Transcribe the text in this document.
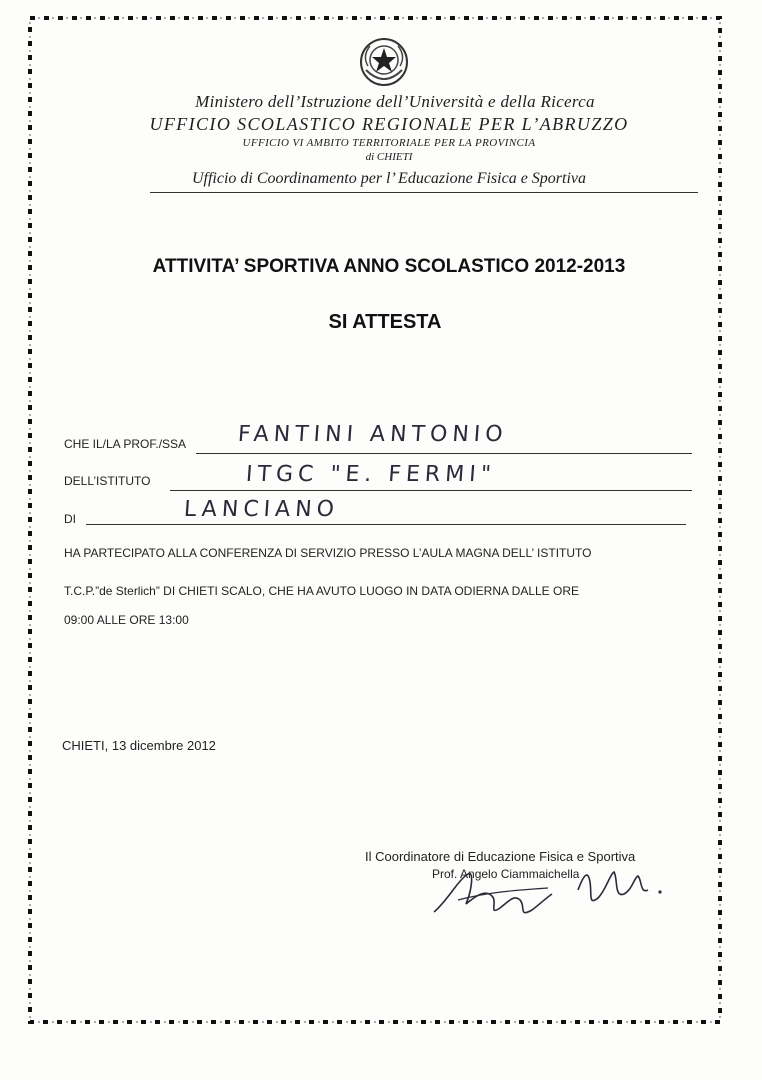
Ministero dell’Istruzione dell’Università e della Ricerca
UFFICIO SCOLASTICO REGIONALE PER L’ABRUZZO
UFFICIO VI AMBITO TERRITORIALE PER LA PROVINCIA
di CHIETI
Ufficio di Coordinamento per l’ Educazione Fisica e Sportiva
ATTIVITA’ SPORTIVA ANNO SCOLASTICO 2012-2013
SI ATTESTA
CHE IL/LA PROF./SSA FANTINI ANTONIO
DELL’ISTITUTO	ITGC "E. FERMI"
DI	LANCIANO
HA PARTECIPATO ALLA CONFERENZA DI SERVIZIO PRESSO L’AULA MAGNA DELL’ ISTITUTO
T.C.P.”de Sterlich” DI CHIETI SCALO, CHE HA AVUTO LUOGO IN DATA ODIERNA DALLE ORE
09:00 ALLE ORE 13:00
CHIETI, 13 dicembre 2012
Il Coordinatore di Educazione Fisica e Sportiva
Prof. Angelo Ciammaichella
